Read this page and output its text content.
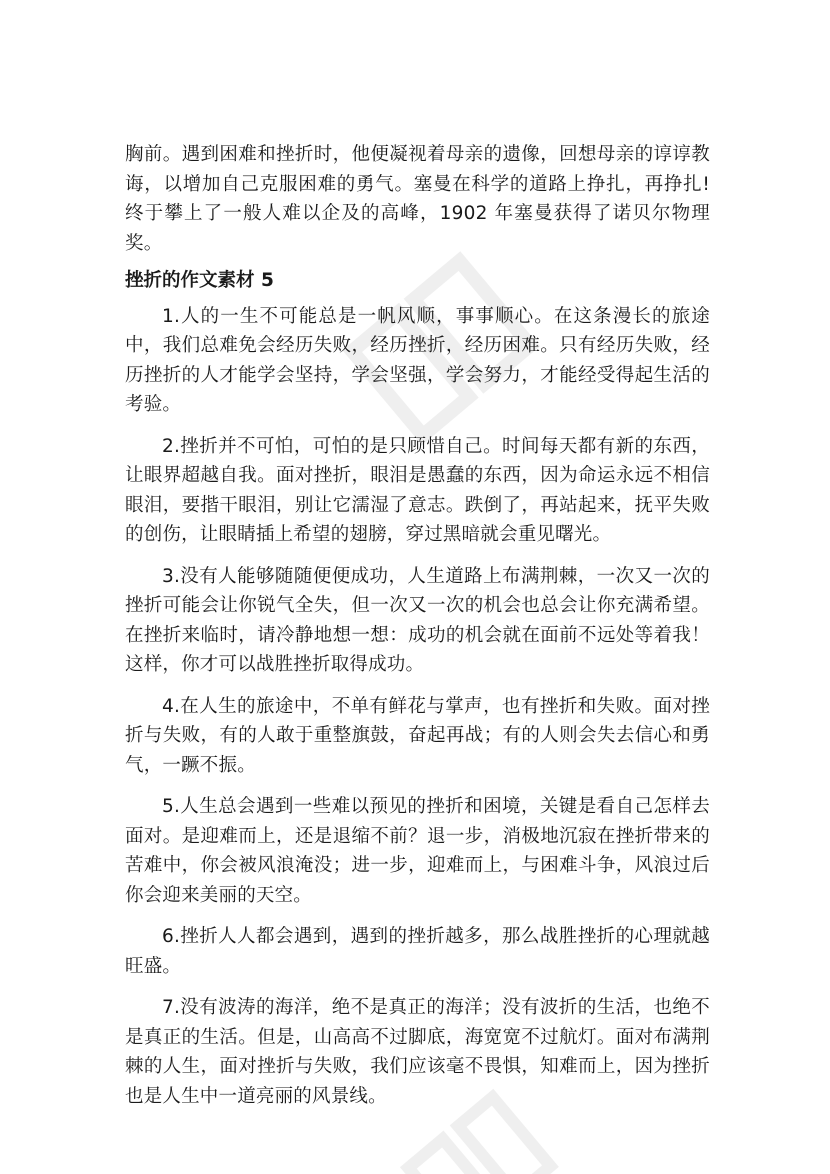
胸前。遇到困难和挫折时，他便凝视着母亲的遗像，回想母亲的谆谆教诲，以增加自己克服困难的勇气。塞曼在科学的道路上挣扎，再挣扎!终于攀上了一般人难以企及的高峰，1902 年塞曼获得了诺贝尔物理奖。

挫折的作文素材 5

1.人的一生不可能总是一帆风顺，事事顺心。在这条漫长的旅途中，我们总难免会经历失败，经历挫折，经历困难。只有经历失败，经历挫折的人才能学会坚持，学会坚强，学会努力，才能经受得起生活的考验。

2.挫折并不可怕，可怕的是只顾惜自己。时间每天都有新的东西，让眼界超越自我。面对挫折，眼泪是愚蠢的东西，因为命运永远不相信眼泪，要揩干眼泪，别让它濡湿了意志。跌倒了，再站起来，抚平失败的创伤，让眼睛插上希望的翅膀，穿过黑暗就会重见曙光。

3.没有人能够随随便便成功，人生道路上布满荆棘，一次又一次的挫折可能会让你锐气全失，但一次又一次的机会也总会让你充满希望。在挫折来临时，请冷静地想一想：成功的机会就在面前不远处等着我！这样，你才可以战胜挫折取得成功。

4.在人生的旅途中，不单有鲜花与掌声，也有挫折和失败。面对挫折与失败，有的人敢于重整旗鼓，奋起再战；有的人则会失去信心和勇气，一蹶不振。

5.人生总会遇到一些难以预见的挫折和困境，关键是看自己怎样去面对。是迎难而上，还是退缩不前？退一步，消极地沉寂在挫折带来的苦难中，你会被风浪淹没；进一步，迎难而上，与困难斗争，风浪过后你会迎来美丽的天空。

6.挫折人人都会遇到，遇到的挫折越多，那么战胜挫折的心理就越旺盛。

7.没有波涛的海洋，绝不是真正的海洋；没有波折的生活，也绝不是真正的生活。但是，山高高不过脚底，海宽宽不过航灯。面对布满荆棘的人生，面对挫折与失败，我们应该毫不畏惧，知难而上，因为挫折也是人生中一道亮丽的风景线。
